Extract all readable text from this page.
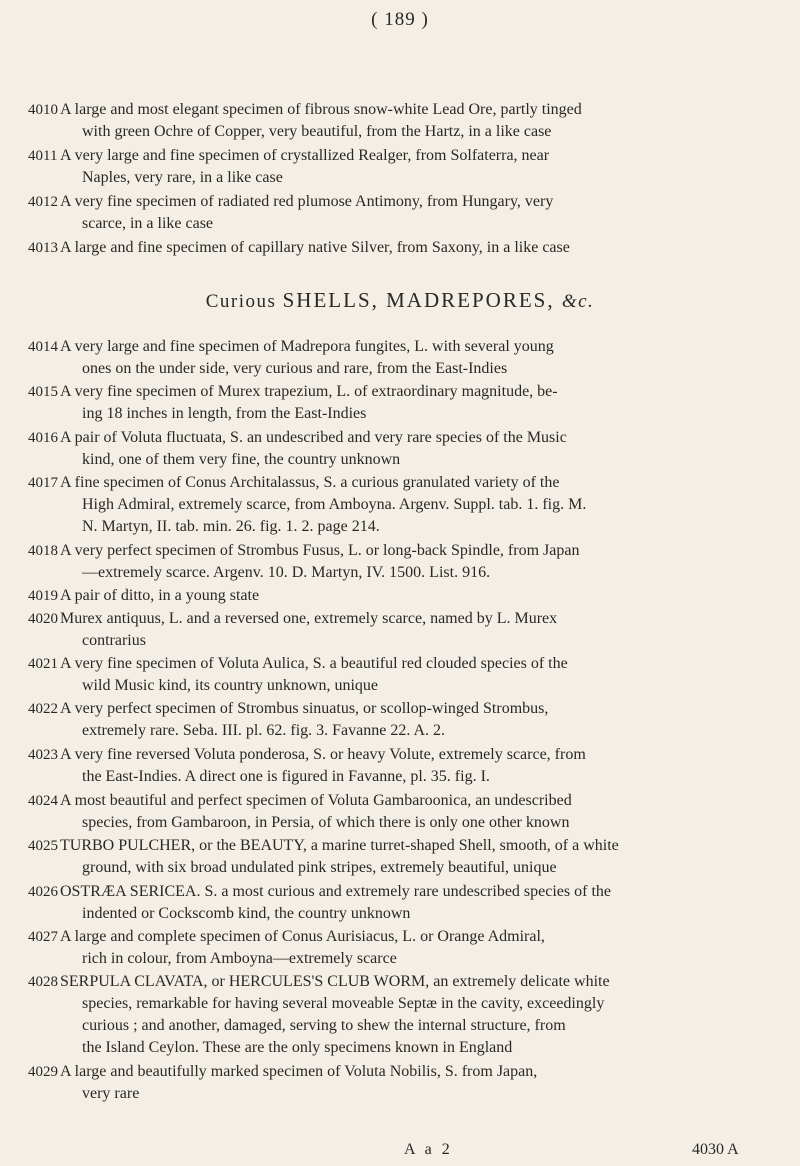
( 189 )
4010 A large and most elegant specimen of fibrous snow-white Lead Ore, partly tinged
with green Ochre of Copper, very beautiful, from the Hartz, in a like case
4011 A very large and fine specimen of crystallized Realger, from Solfaterra, near
Naples, very rare, in a like case
4012 A very fine specimen of radiated red plumose Antimony, from Hungary, very
scarce, in a like case
4013 A large and fine specimen of capillary native Silver, from Saxony, in a like case
Curious SHELLS, MADREPORES, &c.
4014 A very large and fine specimen of Madrepora fungites, L. with several young
ones on the under side, very curious and rare, from the East-Indies
4015 A very fine specimen of Murex trapezium, L. of extraordinary magnitude, be-
ing 18 inches in length, from the East-Indies
4016 A pair of Voluta fluctuata, S. an undescribed and very rare species of the Music
kind, one of them very fine, the country unknown
4017 A fine specimen of Conus Architalassus, S. a curious granulated variety of the
High Admiral, extremely scarce, from Amboyna. Argenv. Suppl. tab. 1. fig. M.
N. Martyn, II. tab. min. 26. fig. 1. 2. page 214.
4018 A very perfect specimen of Strombus Fusus, L. or long-back Spindle, from Japan
—extremely scarce. Argenv. 10. D. Martyn, IV. 1500. List. 916.
4019 A pair of ditto, in a young state
4020 Murex antiquus, L. and a reversed one, extremely scarce, named by L. Murex
contrarius
4021 A very fine specimen of Voluta Aulica, S. a beautiful red clouded species of the
wild Music kind, its country unknown, unique
4022 A very perfect specimen of Strombus sinuatus, or scollop-winged Strombus,
extremely rare. Seba. III. pl. 62. fig. 3. Favanne 22. A. 2.
4023 A very fine reversed Voluta ponderosa, S. or heavy Volute, extremely scarce, from
the East-Indies. A direct one is figured in Favanne, pl. 35. fig. I.
4024 A most beautiful and perfect specimen of Voluta Gambaroonica, an undescribed
species, from Gambaroon, in Persia, of which there is only one other known
4025 TURBO PULCHER, or the BEAUTY, a marine turret-shaped Shell, smooth, of a white
ground, with six broad undulated pink stripes, extremely beautiful, unique
4026 OSTRÆA SERICEA. S. a most curious and extremely rare undescribed species of the
indented or Cockscomb kind, the country unknown
4027 A large and complete specimen of Conus Aurisiacus, L. or Orange Admiral,
rich in colour, from Amboyna—extremely scarce
4028 SERPULA CLAVATA, or HERCULES'S CLUB WORM, an extremely delicate white
species, remarkable for having several moveable Septæ in the cavity, exceedingly
curious ; and another, damaged, serving to shew the internal structure, from
the Island Ceylon. These are the only specimens known in England
4029 A large and beautifully marked specimen of Voluta Nobilis, S. from Japan,
very rare
A a 2	4030 A
